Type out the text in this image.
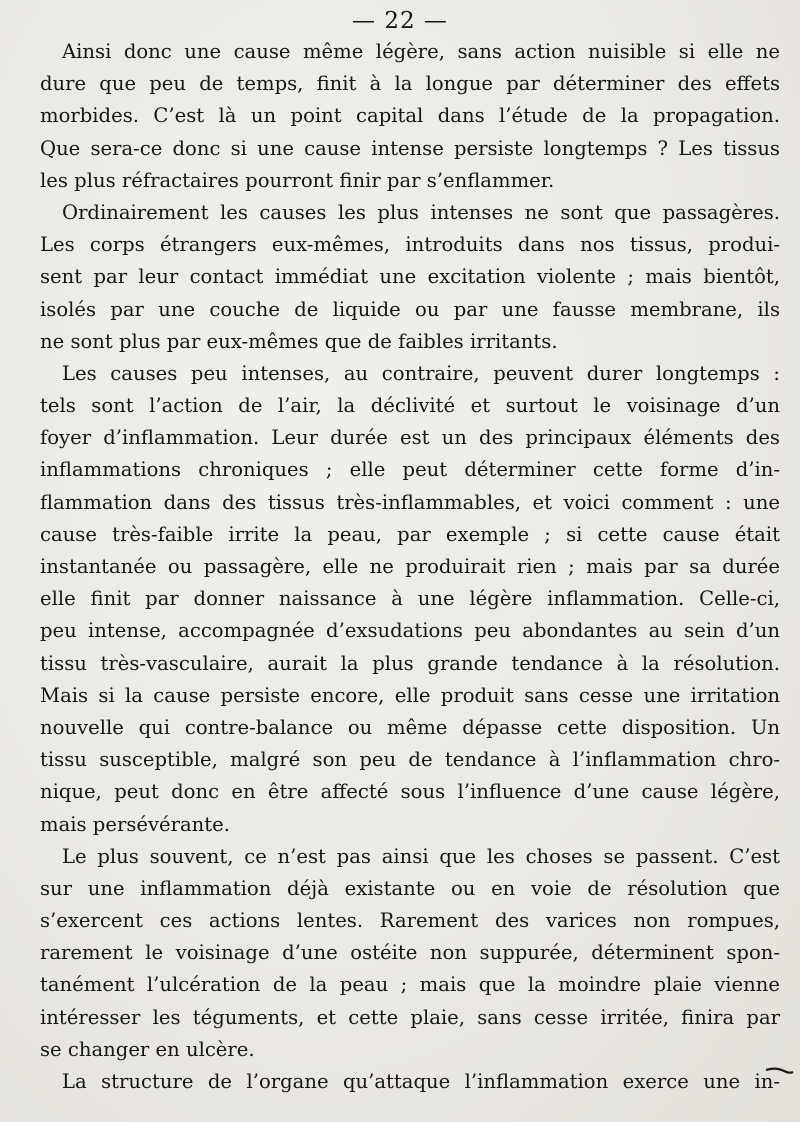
— 22 —
Ainsi donc une cause même légère, sans action nuisible si elle ne
dure que peu de temps, finit à la longue par déterminer des effets
morbides. C’est là un point capital dans l’étude de la propagation.
Que sera-ce donc si une cause intense persiste longtemps ? Les tissus
les plus réfractaires pourront finir par s’enflammer.
Ordinairement les causes les plus intenses ne sont que passagères.
Les corps étrangers eux-mêmes, introduits dans nos tissus, produi-
sent par leur contact immédiat une excitation violente ; mais bientôt,
isolés par une couche de liquide ou par une fausse membrane, ils
ne sont plus par eux-mêmes que de faibles irritants.
Les causes peu intenses, au contraire, peuvent durer longtemps :
tels sont l’action de l’air, la déclivité et surtout le voisinage d’un
foyer d’inflammation. Leur durée est un des principaux éléments des
inflammations chroniques ; elle peut déterminer cette forme d’in-
flammation dans des tissus très-inflammables, et voici comment : une
cause très-faible irrite la peau, par exemple ; si cette cause était
instantanée ou passagère, elle ne produirait rien ; mais par sa durée
elle finit par donner naissance à une légère inflammation. Celle-ci,
peu intense, accompagnée d’exsudations peu abondantes au sein d’un
tissu très-vasculaire, aurait la plus grande tendance à la résolution.
Mais si la cause persiste encore, elle produit sans cesse une irritation
nouvelle qui contre-balance ou même dépasse cette disposition. Un
tissu susceptible, malgré son peu de tendance à l’inflammation chro-
nique, peut donc en être affecté sous l’influence d’une cause légère,
mais persévérante.
Le plus souvent, ce n’est pas ainsi que les choses se passent. C’est
sur une inflammation déjà existante ou en voie de résolution que
s’exercent ces actions lentes. Rarement des varices non rompues,
rarement le voisinage d’une ostéite non suppurée, déterminent spon-
tanément l’ulcération de la peau ; mais que la moindre plaie vienne
intéresser les téguments, et cette plaie, sans cesse irritée, finira par
se changer en ulcère.
La structure de l’organe qu’attaque l’inflammation exerce une in-
